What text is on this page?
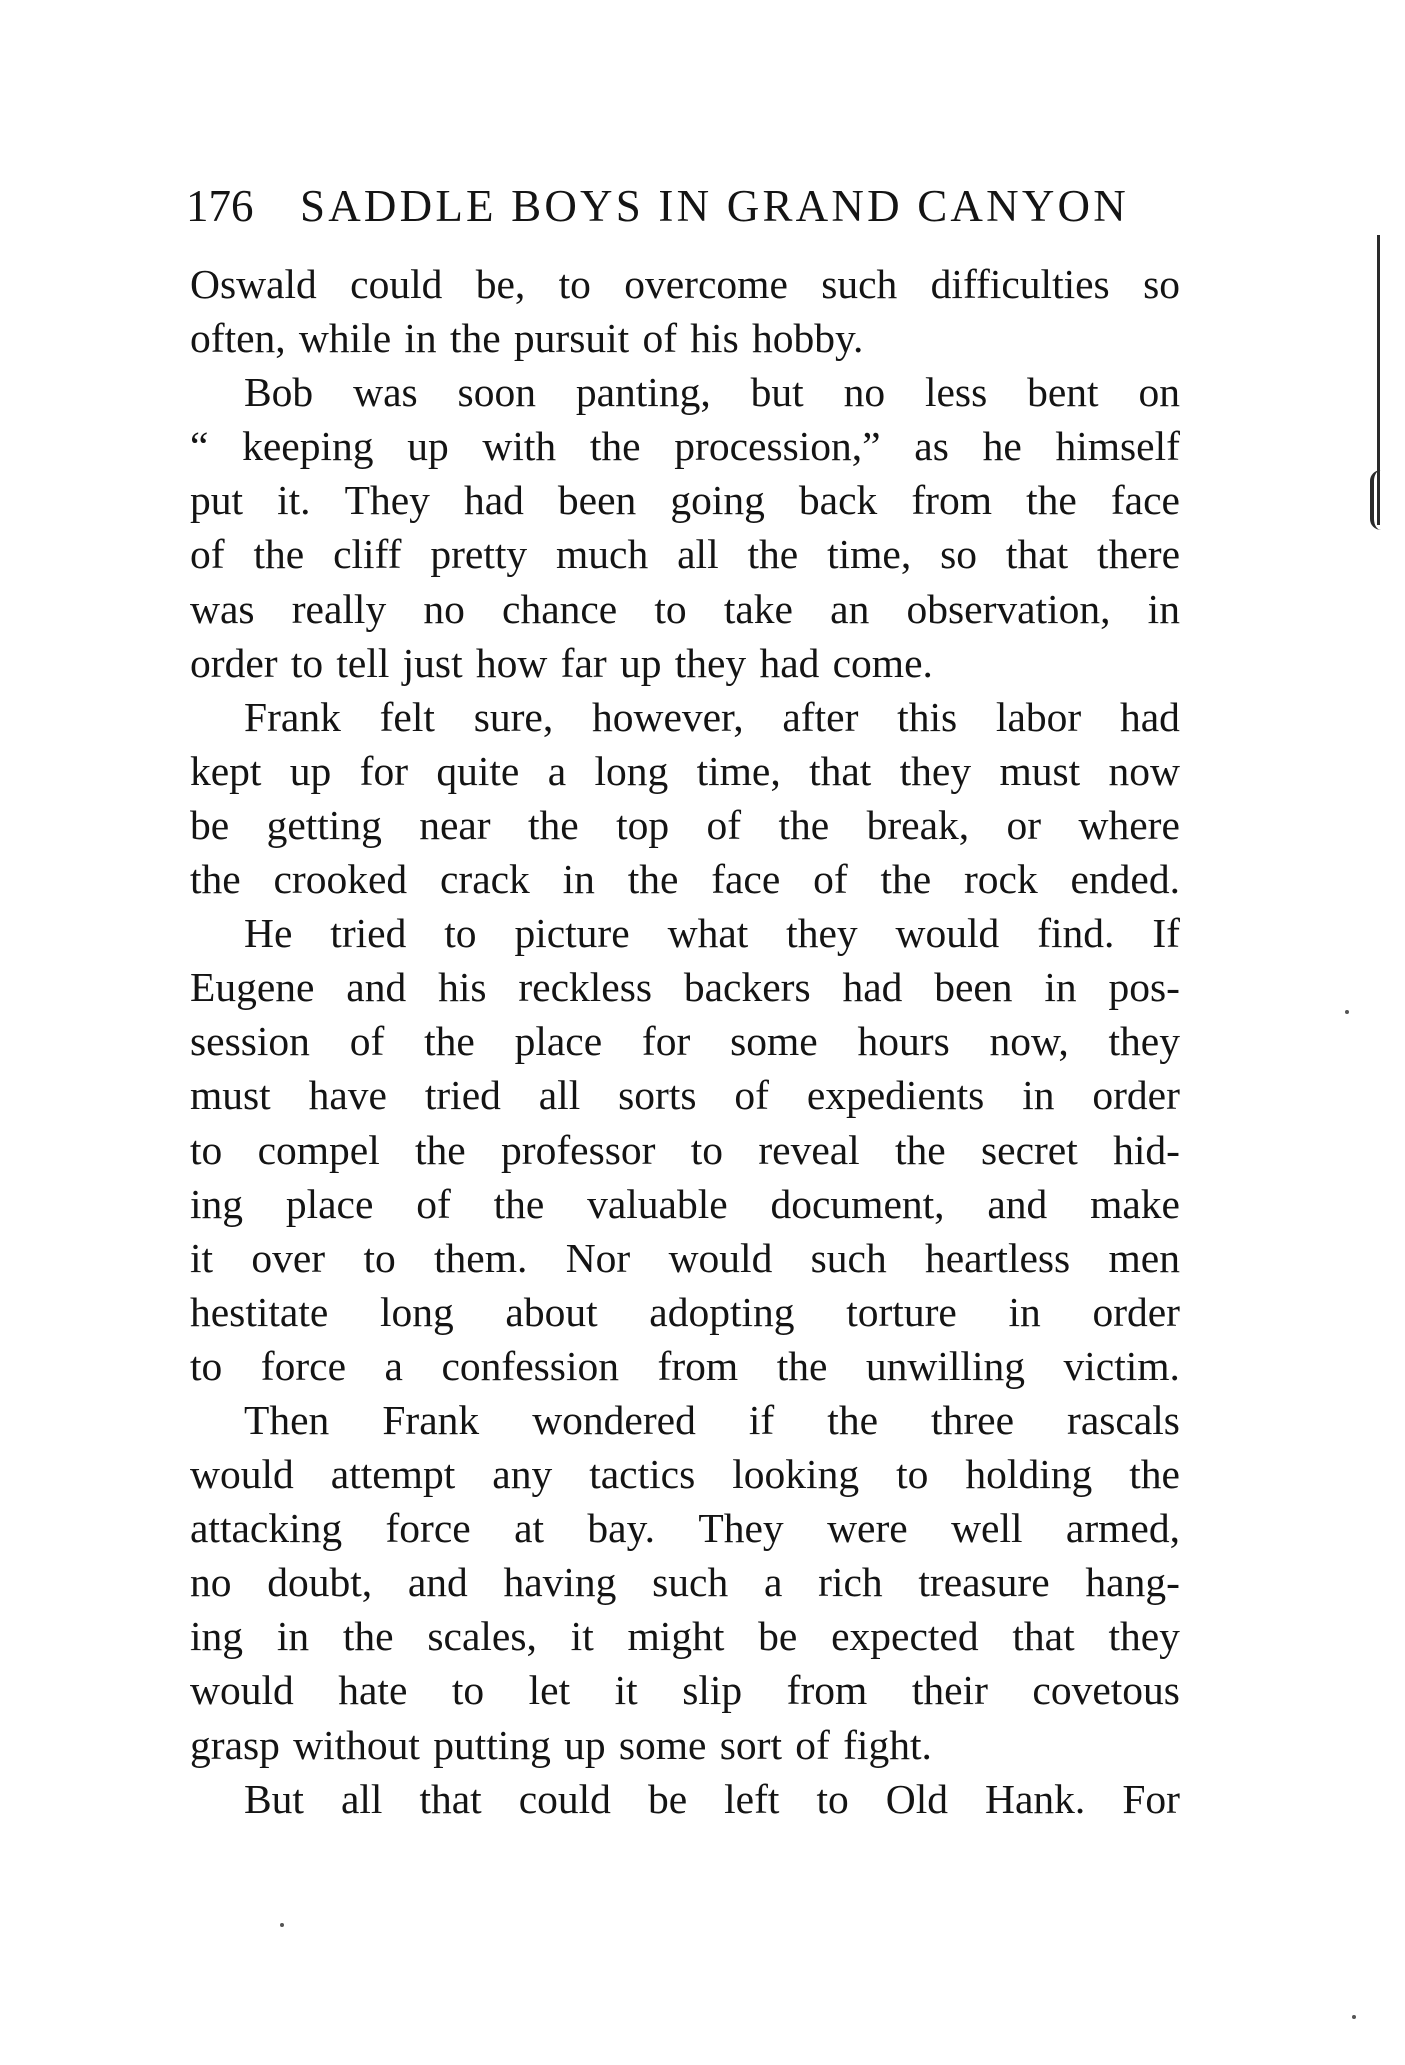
176 SADDLE BOYS IN GRAND CANYON
Oswald could be, to overcome such difficulties so
often, while in the pursuit of his hobby.
Bob was soon panting, but no less bent on
“ keeping up with the procession,” as he himself
put it. They had been going back from the face
of the cliff pretty much all the time, so that there
was really no chance to take an observation, in
order to tell just how far up they had come.
Frank felt sure, however, after this labor had
kept up for quite a long time, that they must now
be getting near the top of the break, or where
the crooked crack in the face of the rock ended.
He tried to picture what they would find. If
Eugene and his reckless backers had been in pos-
session of the place for some hours now, they
must have tried all sorts of expedients in order
to compel the professor to reveal the secret hid-
ing place of the valuable document, and make
it over to them. Nor would such heartless men
hestitate long about adopting torture in order
to force a confession from the unwilling victim.
Then Frank wondered if the three rascals
would attempt any tactics looking to holding the
attacking force at bay. They were well armed,
no doubt, and having such a rich treasure hang-
ing in the scales, it might be expected that they
would hate to let it slip from their covetous
grasp without putting up some sort of fight.
But all that could be left to Old Hank. For
